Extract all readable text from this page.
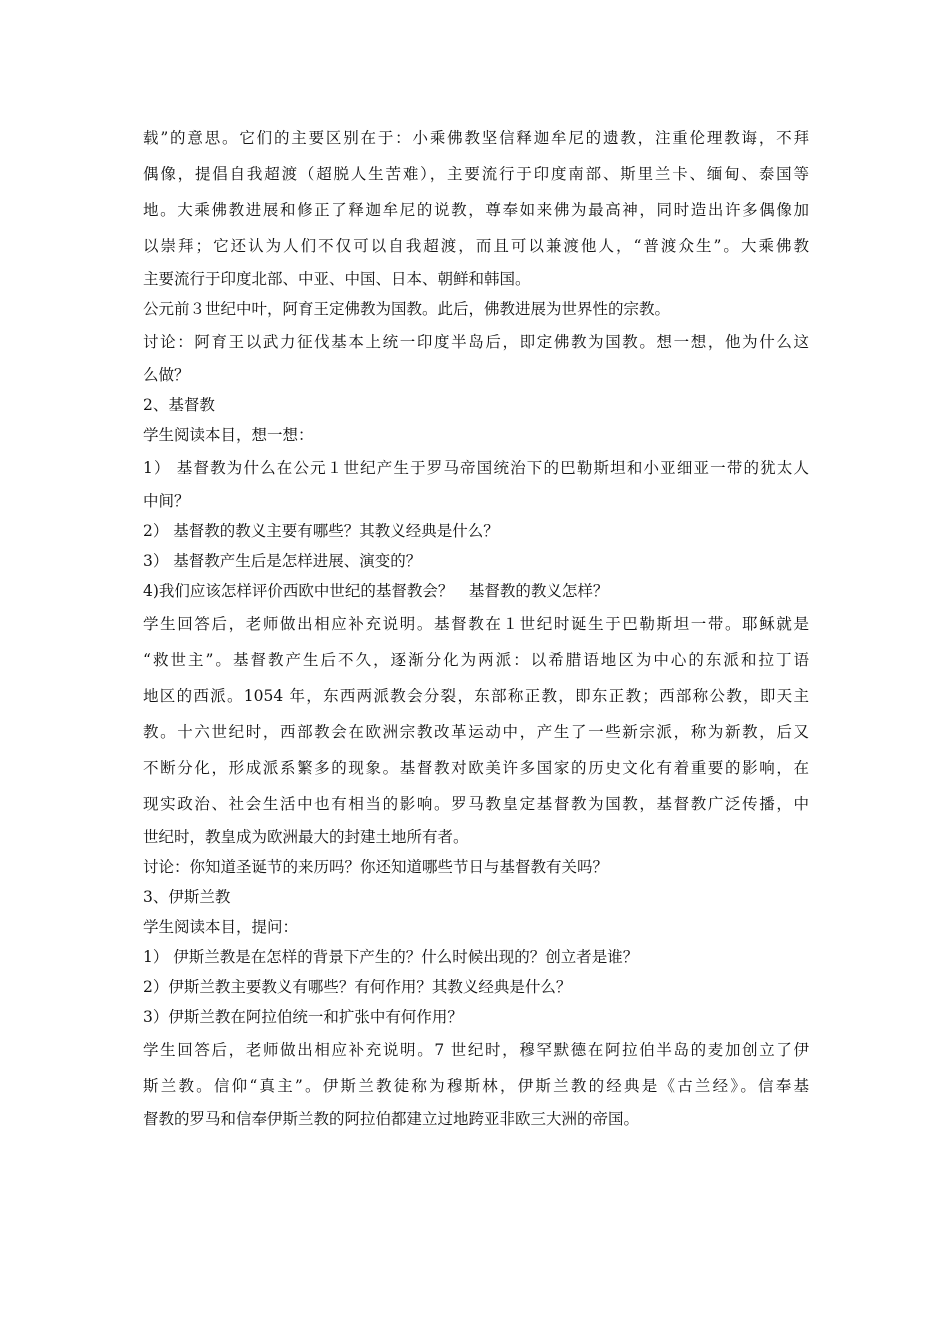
载”的意思。它们的主要区别在于：小乘佛教坚信释迦牟尼的遗教，注重伦理教诲，不拜
偶像，提倡自我超渡（超脱人生苦难），主要流行于印度南部、斯里兰卡、缅甸、泰国等
地。大乘佛教进展和修正了释迦牟尼的说教，尊奉如来佛为最高神，同时造出许多偶像加
以崇拜；它还认为人们不仅可以自我超渡，而且可以兼渡他人，“普渡众生”。大乘佛教
主要流行于印度北部、中亚、中国、日本、朝鲜和韩国。
公元前３世纪中叶，阿育王定佛教为国教。此后，佛教进展为世界性的宗教。
讨论：阿育王以武力征伐基本上统一印度半岛后，即定佛教为国教。想一想，他为什么这
么做？
2、基督教
学生阅读本目，想一想：
1） 基督教为什么在公元１世纪产生于罗马帝国统治下的巴勒斯坦和小亚细亚一带的犹太人
中间？
2） 基督教的教义主要有哪些？其教义经典是什么？
3） 基督教产生后是怎样进展、演变的？
4)我们应该怎样评价西欧中世纪的基督教会？　基督教的教义怎样？
学生回答后，老师做出相应补充说明。基督教在１世纪时诞生于巴勒斯坦一带。耶稣就是
“救世主”。基督教产生后不久，逐渐分化为两派：以希腊语地区为中心的东派和拉丁语
地区的西派。1054 年，东西两派教会分裂，东部称正教，即东正教；西部称公教，即天主
教。十六世纪时，西部教会在欧洲宗教改革运动中，产生了一些新宗派，称为新教，后又
不断分化，形成派系繁多的现象。基督教对欧美许多国家的历史文化有着重要的影响，在
现实政治、社会生活中也有相当的影响。罗马教皇定基督教为国教，基督教广泛传播，中
世纪时，教皇成为欧洲最大的封建土地所有者。
讨论：你知道圣诞节的来历吗？你还知道哪些节日与基督教有关吗？
3、伊斯兰教
学生阅读本目，提问：
1） 伊斯兰教是在怎样的背景下产生的？什么时候出现的？创立者是谁？
2）伊斯兰教主要教义有哪些？有何作用？其教义经典是什么？
3）伊斯兰教在阿拉伯统一和扩张中有何作用？
学生回答后，老师做出相应补充说明。7 世纪时，穆罕默德在阿拉伯半岛的麦加创立了伊
斯兰教。信仰“真主”。伊斯兰教徒称为穆斯林，伊斯兰教的经典是《古兰经》。信奉基
督教的罗马和信奉伊斯兰教的阿拉伯都建立过地跨亚非欧三大洲的帝国。
